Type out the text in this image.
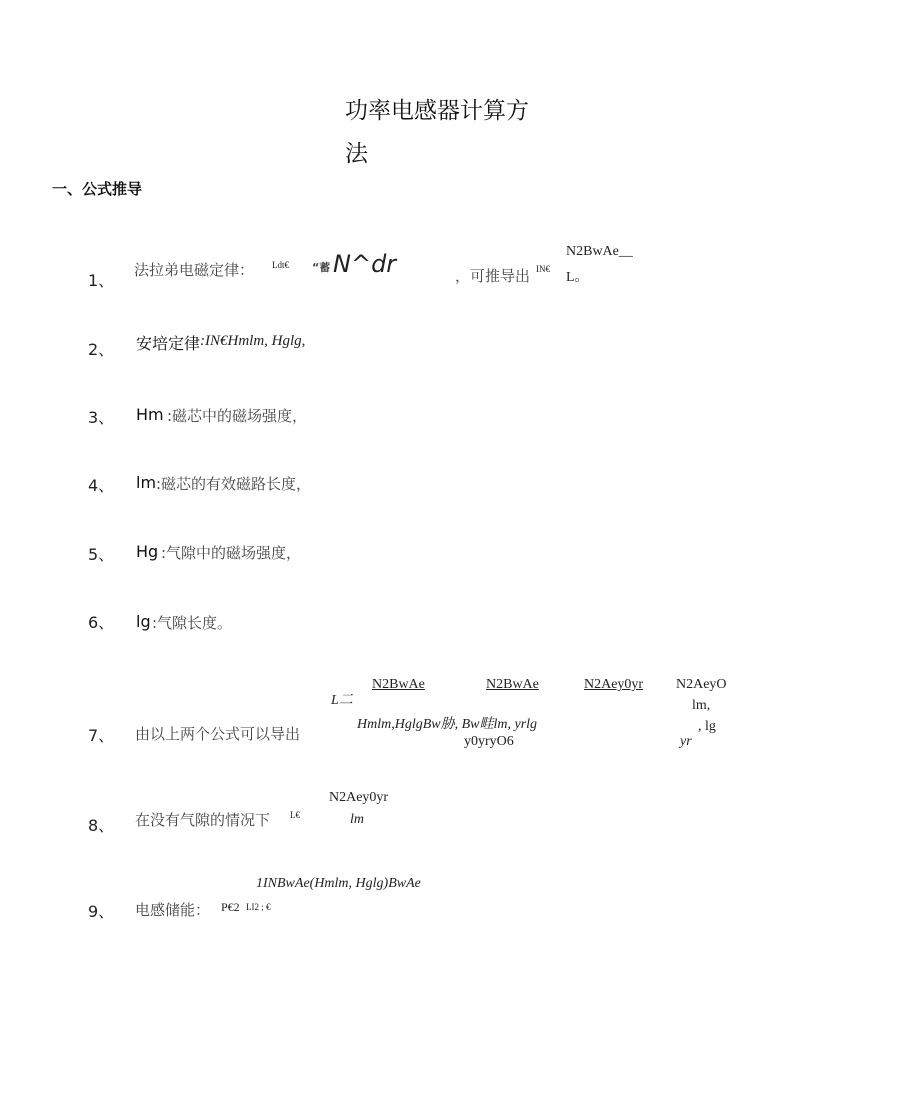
功率电感器计算方
法
一、公式推导
1、
法拉弟电磁定律： Ldt€ “蓄 N^dr	，可推导出 IN€
N2BwAe__
L。
2、 安培定律 :IN€Hmlm, Hglg,
3、 Hm :磁芯中的磁场强度，
4、 lm :磁芯的有效磁路长度，
5、 Hg :气隙中的磁场强度，
6、 lg :气隙长度。
7、 由以上两个公式可以导出
L二
N2BwAe	N2BwAe	N2Aey0yr N2AeyO
Hmlm,HglgBw胁, Bw畦lm, yrlg
y0yryO6
lm,
, lg
yr
8、 在没有气隙的情况下 L€
N2Aey0yr
lm
1INBwAe(Hmlm, Hglg)BwAe
9、 电感储能： P€2 LI2 ; €
